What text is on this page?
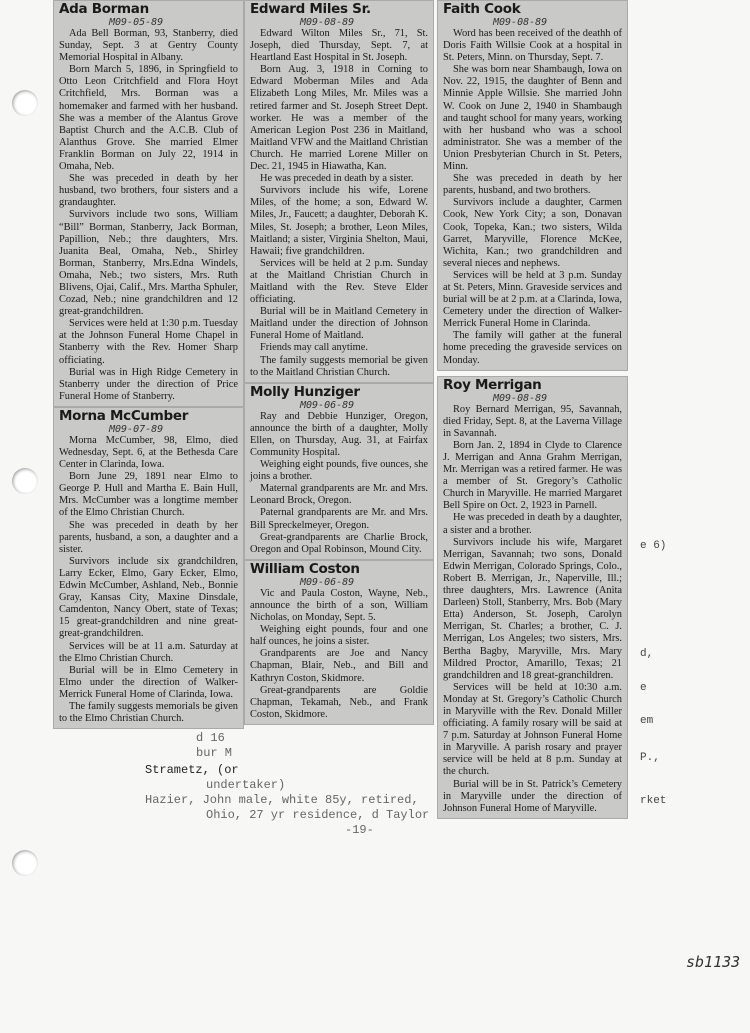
Ada Borman
M09-05-89

Ada Bell Borman, 93, Stanberry, died Sunday, Sept. 3 at Gentry County Memorial Hospital in Albany.

Born March 5, 1896, in Springfield to Otto Leon Critchfield and Flora Hoyt Critchfield, Mrs. Borman was a homemaker and farmed with her husband. She was a member of the Alantus Grove Baptist Church and the A.C.B. Club of Alanthus Grove. She married Elmer Franklin Borman on July 22, 1914 in Omaha, Neb.

She was preceded in death by her husband, two brothers, four sisters and a grandaughter.

Survivors include two sons, William “Bill” Borman, Stanberry, Jack Borman, Papillion, Neb.; thre daughters, Mrs. Juanita Beal, Omaha, Neb., Shirley Borman, Stanberry, Mrs.Edna Windels, Omaha, Neb.; two sisters, Mrs. Ruth Blivens, Ojai, Calif., Mrs. Martha Sphuler, Cozad, Neb.; nine grandchildren and 12 great-grandchildren.

Services were held at 1:30 p.m. Tuesday at the Johnson Funeral Home Chapel in Stanberry with the Rev. Homer Sharp officiating.

Burial was in High Ridge Cemetery in Stanberry under the direction of Price Funeral Home of Stanberry.

Morna McCumber
M09-07-89

Morna McCumber, 98, Elmo, died Wednesday, Sept. 6, at the Bethesda Care Center in Clarinda, Iowa.

Born June 29, 1891 near Elmo to George P. Hull and Martha E. Bain Hull, Mrs. McCumber was a longtime member of the Elmo Christian Church.

She was preceded in death by her parents, husband, a son, a daughter and a sister.

Survivors include six grandchildren, Larry Ecker, Elmo, Gary Ecker, Elmo, Edwin McCumber, Ashland, Neb., Bonnie Gray, Kansas City, Maxine Dinsdale, Camdenton, Nancy Obert, state of Texas; 15 great-grandchildren and nine great-great-grandchildren.

Services will be at 11 a.m. Saturday at the Elmo Christian Church.

Burial will be in Elmo Cemetery in Elmo under the direction of Walker-Merrick Funeral Home of Clarinda, Iowa.

The family suggests memorials be given to the Elmo Christian Church.

Edward Miles Sr.
M09-08-89

Edward Wilton Miles Sr., 71, St. Joseph, died Thursday, Sept. 7, at Heartland East Hospital in St. Joseph.

Born Aug. 3, 1918 in Corning to Edward Moberman Miles and Ada Elizabeth Long Miles, Mr. Miles was a retired farmer and St. Joseph Street Dept. worker. He was a member of the American Legion Post 236 in Maitland, Maitland VFW and the Maitland Christian Church. He married Lorene Miller on Dec. 21, 1945 in Hiawatha, Kan.

He was preceded in death by a sister.

Survivors include his wife, Lorene Miles, of the home; a son, Edward W. Miles, Jr., Faucett; a daughter, Deborah K. Miles, St. Joseph; a brother, Leon Miles, Maitland; a sister, Virginia Shelton, Maui, Hawaii; five grandchildren.

Services will be held at 2 p.m. Sunday at the Maitland Christian Church in Maitland with the Rev. Steve Elder officiating.

Burial will be in Maitland Cemetery in Maitland under the direction of Johnson Funeral Home of Maitland.

Friends may call anytime.

The family suggests memorial be given to the Maitland Christian Church.

Molly Hunziger
M09-06-89

Ray and Debbie Hunziger, Oregon, announce the birth of a daughter, Molly Ellen, on Thursday, Aug. 31, at Fairfax Community Hospital.

Weighing eight pounds, five ounces, she joins a brother.

Maternal grandparents are Mr. and Mrs. Leonard Brock, Oregon.

Paternal grandparents are Mr. and Mrs. Bill Spreckelmeyer, Oregon.

Great-grandparents are Charlie Brock, Oregon and Opal Robinson, Mound City.

William Coston
M09-06-89

Vic and Paula Coston, Wayne, Neb., announce the birth of a son, William Nicholas, on Monday, Sept. 5.

Weighing eight pounds, four and one half ounces, he joins a sister.

Grandparents are Joe and Nancy Chapman, Blair, Neb., and Bill and Kathryn Coston, Skidmore.

Great-grandparents are Goldie Chapman, Tekamah, Neb., and Frank Coston, Skidmore.

Faith Cook
M09-08-89

Word has been received of the deathh of Doris Faith Willsie Cook at a hospital in St. Peters, Minn. on Thursday, Sept. 7.

She was born near Shambaugh, Iowa on Nov. 22, 1915, the daughter of Benn and Minnie Apple Willsie. She married John W. Cook on June 2, 1940 in Shambaugh and taught school for many years, working with her husband who was a school administrator. She was a member of the Union Presbyterian Church in St. Peters, Minn.

She was preceded in death by her parents, husband, and two brothers.

Survivors include a daughter, Carmen Cook, New York City; a son, Donavan Cook, Topeka, Kan.; two sisters, Wilda Garret, Maryville, Florence McKee, Wichita, Kan.; two grandchildren and several nieces and nephews.

Services will be held at 3 p.m. Sunday at St. Peters, Minn. Graveside services and burial will be at 2 p.m. at a Clarinda, Iowa, Cemetery under the direction of Walker-Merrick Funeral Home in Clarinda.

The family will gather at the funeral home preceding the graveside services on Monday.

Roy Merrigan
M09-08-89

Roy Bernard Merrigan, 95, Savannah, died Friday, Sept. 8, at the Laverna Village in Savannah.

Born Jan. 2, 1894 in Clyde to Clarence J. Merrigan and Anna Grahm Merrigan, Mr. Merrigan was a retired farmer. He was a member of St. Gregory’s Catholic Church in Maryville. He married Margaret Bell Spire on Oct. 2, 1923 in Parnell.

He was preceded in death by a daughter, a sister and a brother.

Survivors include his wife, Margaret Merrigan, Savannah; two sons, Donald Edwin Merrigan, Colorado Springs, Colo., Robert B. Merrigan, Jr., Naperville, Ill.; three daughters, Mrs. Lawrence (Anita Darleen) Stoll, Stanberry, Mrs. Bob (Mary Etta) Anderson, St. Joseph, Carolyn Merrigan, St. Charles; a brother, C. J. Merrigan, Los Angeles; two sisters, Mrs. Bertha Bagby, Maryville, Mrs. Mary Mildred Proctor, Amarillo, Texas; 21 grandchildren and 18 great-granchildren.

Services will be held at 10:30 a.m. Monday at St. Gregory’s Catholic Church in Maryville with the Rev. Donald Miller officiating. A family rosary will be said at 7 p.m. Saturday at Johnson Funeral Home in Maryville. A parish rosary and prayer service will be held at 8 p.m. Sunday at the church.

Burial will be in St. Patrick’s Cemetery in Maryville under the direction of Johnson Funeral Home of Maryville.

d 16
bur M
Strametz, (or
undertaker)
Hazier, John male, white 85y, retired,
Ohio, 27 yr residence, d Taylor
-19-
e 6)
d,
e
em
P.,
rket
sb1133
